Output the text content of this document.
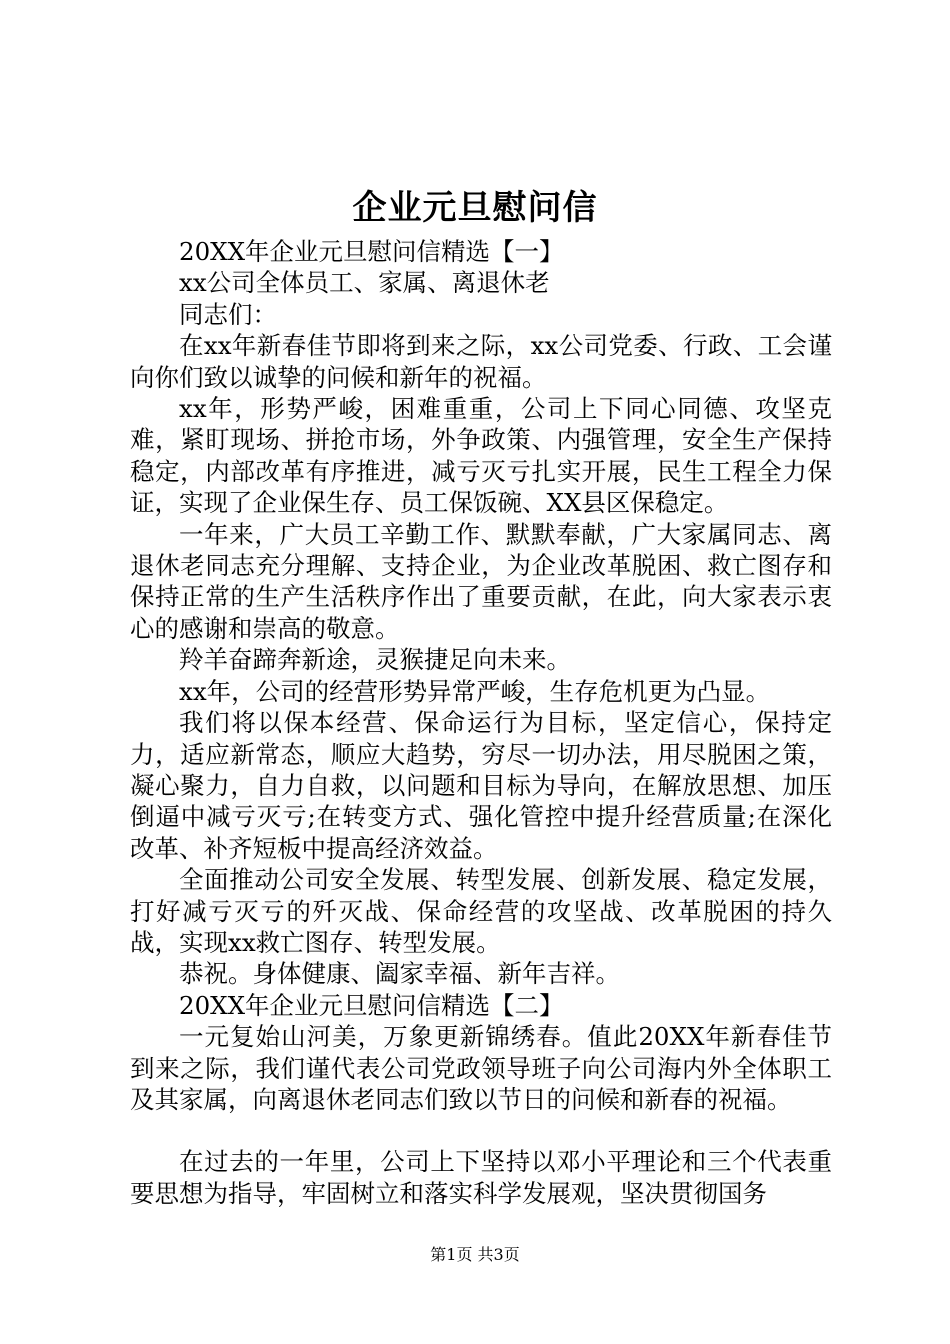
企业元旦慰问信

20XX年企业元旦慰问信精选【一】

xx公司全体员工、家属、离退休老

同志们：

在xx年新春佳节即将到来之际，xx公司党委、行政、工会谨向你们致以诚挚的问候和新年的祝福。

xx年，形势严峻，困难重重，公司上下同心同德、攻坚克难，紧盯现场、拼抢市场，外争政策、内强管理，安全生产保持稳定，内部改革有序推进，减亏灭亏扎实开展，民生工程全力保证，实现了企业保生存、员工保饭碗、XX县区保稳定。

一年来，广大员工辛勤工作、默默奉献，广大家属同志、离退休老同志充分理解、支持企业，为企业改革脱困、救亡图存和保持正常的生产生活秩序作出了重要贡献，在此，向大家表示衷心的感谢和崇高的敬意。

羚羊奋蹄奔新途，灵猴捷足向未来。

xx年，公司的经营形势异常严峻，生存危机更为凸显。

我们将以保本经营、保命运行为目标，坚定信心，保持定力，适应新常态，顺应大趋势，穷尽一切办法，用尽脱困之策，凝心聚力，自力自救，以问题和目标为导向，在解放思想、加压倒逼中减亏灭亏;在转变方式、强化管控中提升经营质量;在深化改革、补齐短板中提高经济效益。

全面推动公司安全发展、转型发展、创新发展、稳定发展，打好减亏灭亏的歼灭战、保命经营的攻坚战、改革脱困的持久战，实现xx救亡图存、转型发展。

恭祝。身体健康、阖家幸福、新年吉祥。

20XX年企业元旦慰问信精选【二】

一元复始山河美，万象更新锦绣春。值此20XX年新春佳节到来之际，我们谨代表公司党政领导班子向公司海内外全体职工及其家属，向离退休老同志们致以节日的问候和新春的祝福。

在过去的一年里，公司上下坚持以邓小平理论和三个代表重要思想为指导，牢固树立和落实科学发展观，坚决贯彻国务

第1页 共3页
